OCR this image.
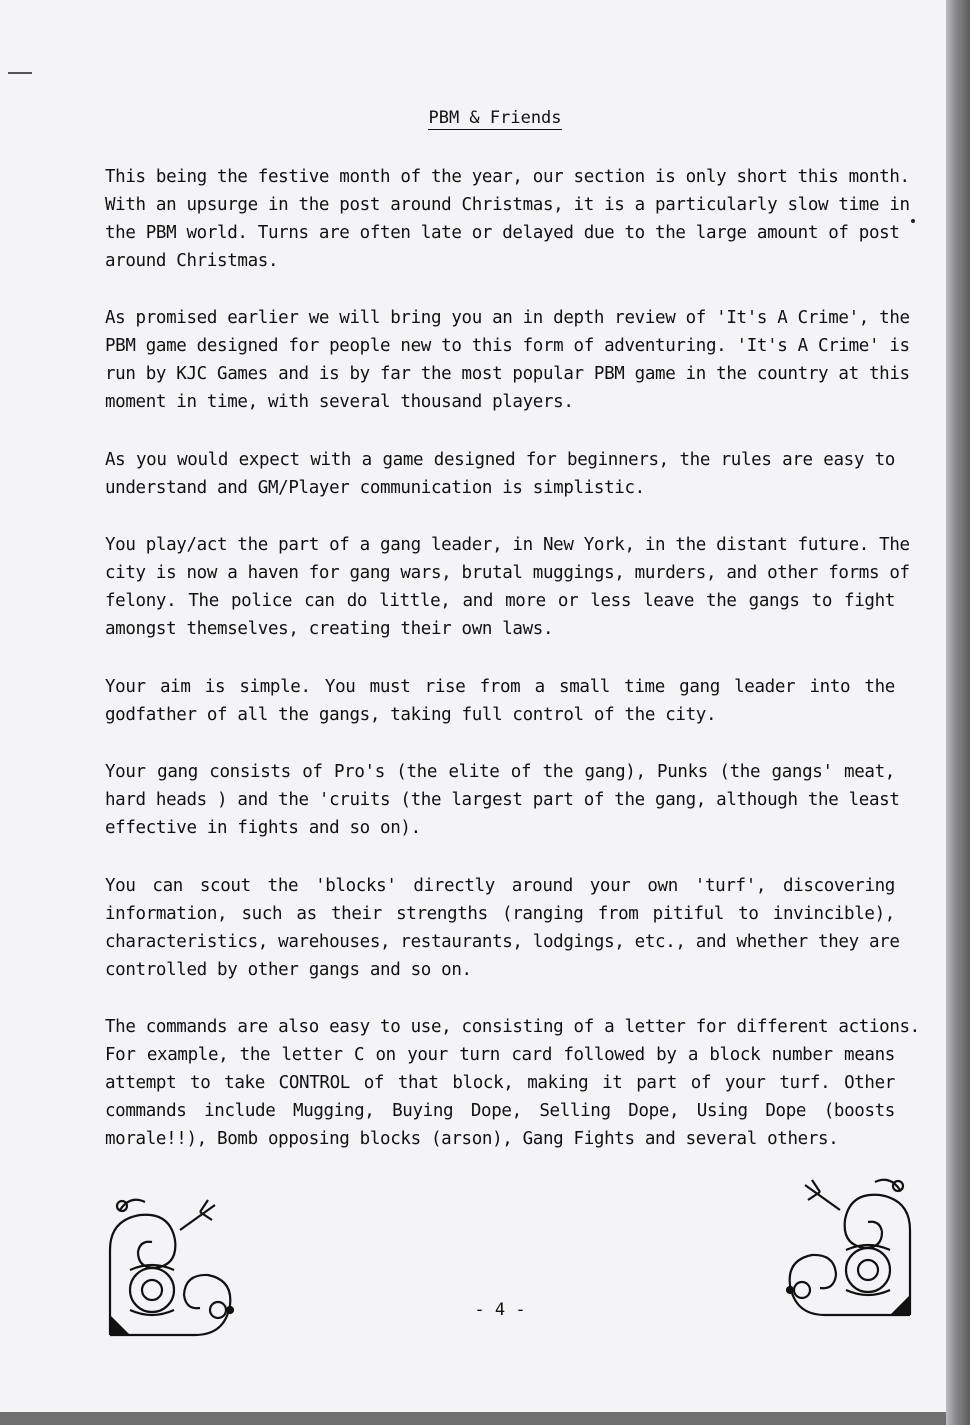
PBM & Friends
This being the festive month of the year, our section is only short this month.
With an upsurge in the post around Christmas, it is a particularly slow time in
the PBM world. Turns are often late or delayed due to the large amount of post
around Christmas.
As promised earlier we will bring you an in depth review of 'It's A Crime', the
PBM game designed for people new to this form of adventuring. 'It's A Crime' is
run by KJC Games and is by far the most popular PBM game in the country at this
moment in time, with several thousand players.
As you would expect with a game designed for beginners, the rules are easy to
understand and GM/Player communication is simplistic.
You play/act the part of a gang leader, in New York, in the distant future. The
city is now a haven for gang wars, brutal muggings, murders, and other forms of
felony. The police can do little, and more or less leave the gangs to fight
amongst themselves, creating their own laws.
Your aim is simple. You must rise from a small time gang leader into the
godfather of all the gangs, taking full control of the city.
Your gang consists of Pro's (the elite of the gang), Punks (the gangs' meat,
hard heads ) and the 'cruits (the largest part of the gang, although the least
effective in fights and so on).
You can scout the 'blocks' directly around your own 'turf', discovering
information, such as their strengths (ranging from pitiful to invincible),
characteristics, warehouses, restaurants, lodgings, etc., and whether they are
controlled by other gangs and so on.
The commands are also easy to use, consisting of a letter for different actions.
For example, the letter C on your turn card followed by a block number means
attempt to take CONTROL of that block, making it part of your turf. Other
commands include Mugging, Buying Dope, Selling Dope, Using Dope (boosts
morale!!), Bomb opposing blocks (arson), Gang Fights and several others.
- 4 -
